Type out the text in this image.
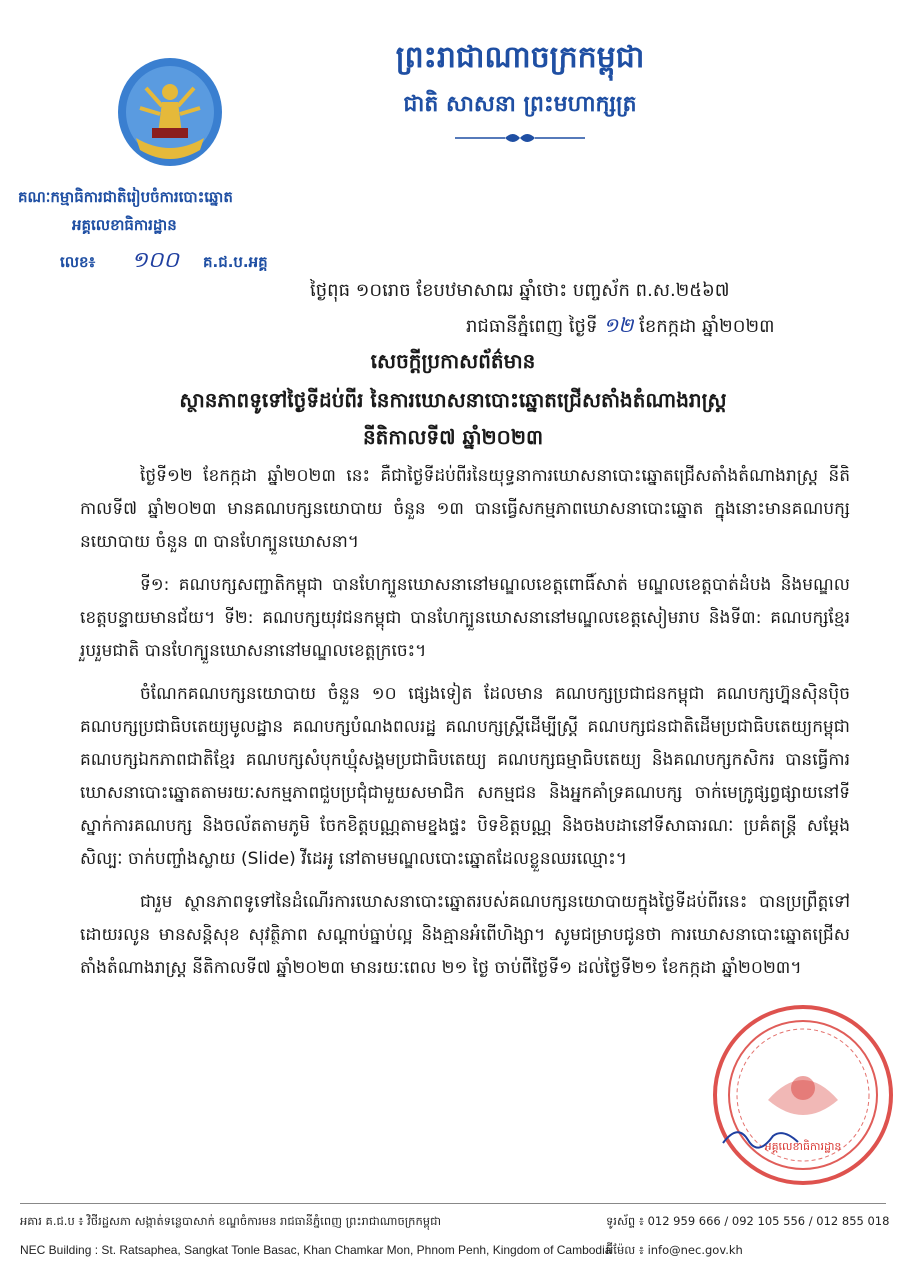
ព្រះរាជាណាចក្រកម្ពុជា
ជាតិ សាសនា ព្រះមហាក្សត្រ
គណៈកម្មាធិការជាតិរៀបចំការបោះឆ្នោត
អគ្គលេខាធិការដ្ឋាន
លេខ៖ ១០០ គ.ជ.ប.អគ្គ
ថ្ងៃពុធ ១០រោច ខែបឋមាសាឍ ឆ្នាំថោះ បញ្ចស័ក ព.ស.២៥៦៧
រាជធានីភ្នំពេញ ថ្ងៃទី ១២ ខែកក្កដា ឆ្នាំ២០២៣
សេចក្តីប្រកាសព័ត៌មាន
ស្ថានភាពទូទៅថ្ងៃទីដប់ពីរ នៃការឃោសនាបោះឆ្នោតជ្រើសតាំងតំណាងរាស្ត្រ
នីតិកាលទី៧ ឆ្នាំ២០២៣

ថ្ងៃទី១២ ខែកក្កដា ឆ្នាំ២០២៣ នេះ គឺជាថ្ងៃទីដប់ពីរនៃយុទ្ធនាការឃោសនាបោះឆ្នោតជ្រើសតាំងតំណាងរាស្ត្រ នីតិកាលទី៧ ឆ្នាំ២០២៣ មានគណបក្សនយោបាយ ចំនួន ១៣ បានធ្វើសកម្មភាពឃោសនាបោះឆ្នោត ក្នុងនោះមានគណបក្សនយោបាយ ចំនួន ៣ បានហែក្បួនឃោសនា។

ទី១: គណបក្សសញ្ជាតិកម្ពុជា បានហែក្បួនឃោសនានៅមណ្ឌលខេត្តពោធិ៍សាត់ មណ្ឌលខេត្តបាត់ដំបង និងមណ្ឌលខេត្តបន្ទាយមានជ័យ។ ទី២: គណបក្សយុវជនកម្ពុជា បានហែក្បួនឃោសនានៅមណ្ឌលខេត្តសៀមរាប និងទី៣: គណបក្សខ្មែររួបរួមជាតិ បានហែក្បួនឃោសនានៅមណ្ឌលខេត្តក្រចេះ។

ចំណែកគណបក្សនយោបាយ ចំនួន ១០ ផ្សេងទៀត ដែលមាន គណបក្សប្រជាជនកម្ពុជា គណបក្សហ្វ៊ុនស៊ិនប៉ិច គណបក្សប្រជាធិបតេយ្យមូលដ្ឋាន គណបក្សបំណងពលរដ្ឋ គណបក្សស្ត្រីដើម្បីស្ត្រី គណបក្សជនជាតិដើមប្រជាធិបតេយ្យកម្ពុជា គណបក្សឯកភាពជាតិខ្មែរ គណបក្សសំបុកឃ្មុំសង្គមប្រជាធិបតេយ្យ គណបក្សធម្មាធិបតេយ្យ និងគណបក្សកសិករ បានធ្វើការឃោសនាបោះឆ្នោតតាមរយៈសកម្មភាពជួបប្រជុំជាមួយសមាជិក សកម្មជន និងអ្នកគាំទ្រគណបក្ស ចាក់មេក្រូផ្សព្វផ្សាយនៅទីស្នាក់ការគណបក្ស និងចល័តតាមភូមិ ចែកខិត្តបណ្ណតាមខ្នងផ្ទះ បិទខិត្តបណ្ណ និងចងបដានៅទីសាធារណៈ ប្រគំតន្ត្រី សម្តែងសិល្បៈ ចាក់បញ្ចាំងស្លាយ (Slide) វីដេអូ នៅតាមមណ្ឌលបោះឆ្នោតដែលខ្លួនឈរឈ្មោះ។

ជារួម ស្ថានភាពទូទៅនៃដំណើរការឃោសនាបោះឆ្នោតរបស់គណបក្សនយោបាយក្នុងថ្ងៃទីដប់ពីរនេះ បានប្រព្រឹត្តទៅដោយរលូន មានសន្តិសុខ សុវត្ថិភាព សណ្តាប់ធ្នាប់ល្អ និងគ្មានអំពើហិង្សា។ សូមជម្រាបជូនថា ការឃោសនាបោះឆ្នោតជ្រើសតាំងតំណាងរាស្ត្រ នីតិកាលទី៧ ឆ្នាំ២០២៣ មានរយៈពេល ២១ ថ្ងៃ ចាប់ពីថ្ងៃទី១ ដល់ថ្ងៃទី២១ ខែកក្កដា ឆ្នាំ២០២៣។

អគ្គលេខាធិការដ្ឋាន
អគារ គ.ជ.ប ៖ វិថីរដ្ឋសភា សង្កាត់ទន្លេបាសាក់ ខណ្ឌចំការមន រាជធានីភ្នំពេញ ព្រះរាជាណាចក្រកម្ពុជា
NEC Building : St. Ratsaphea, Sangkat Tonle Basac, Khan Chamkar Mon, Phnom Penh, Kingdom of Cambodia
ទូរស័ព្ទ ៖ 012 959 666 / 092 105 556 / 012 855 018
អ៊ីម៉ែល ៖ info@nec.gov.kh
